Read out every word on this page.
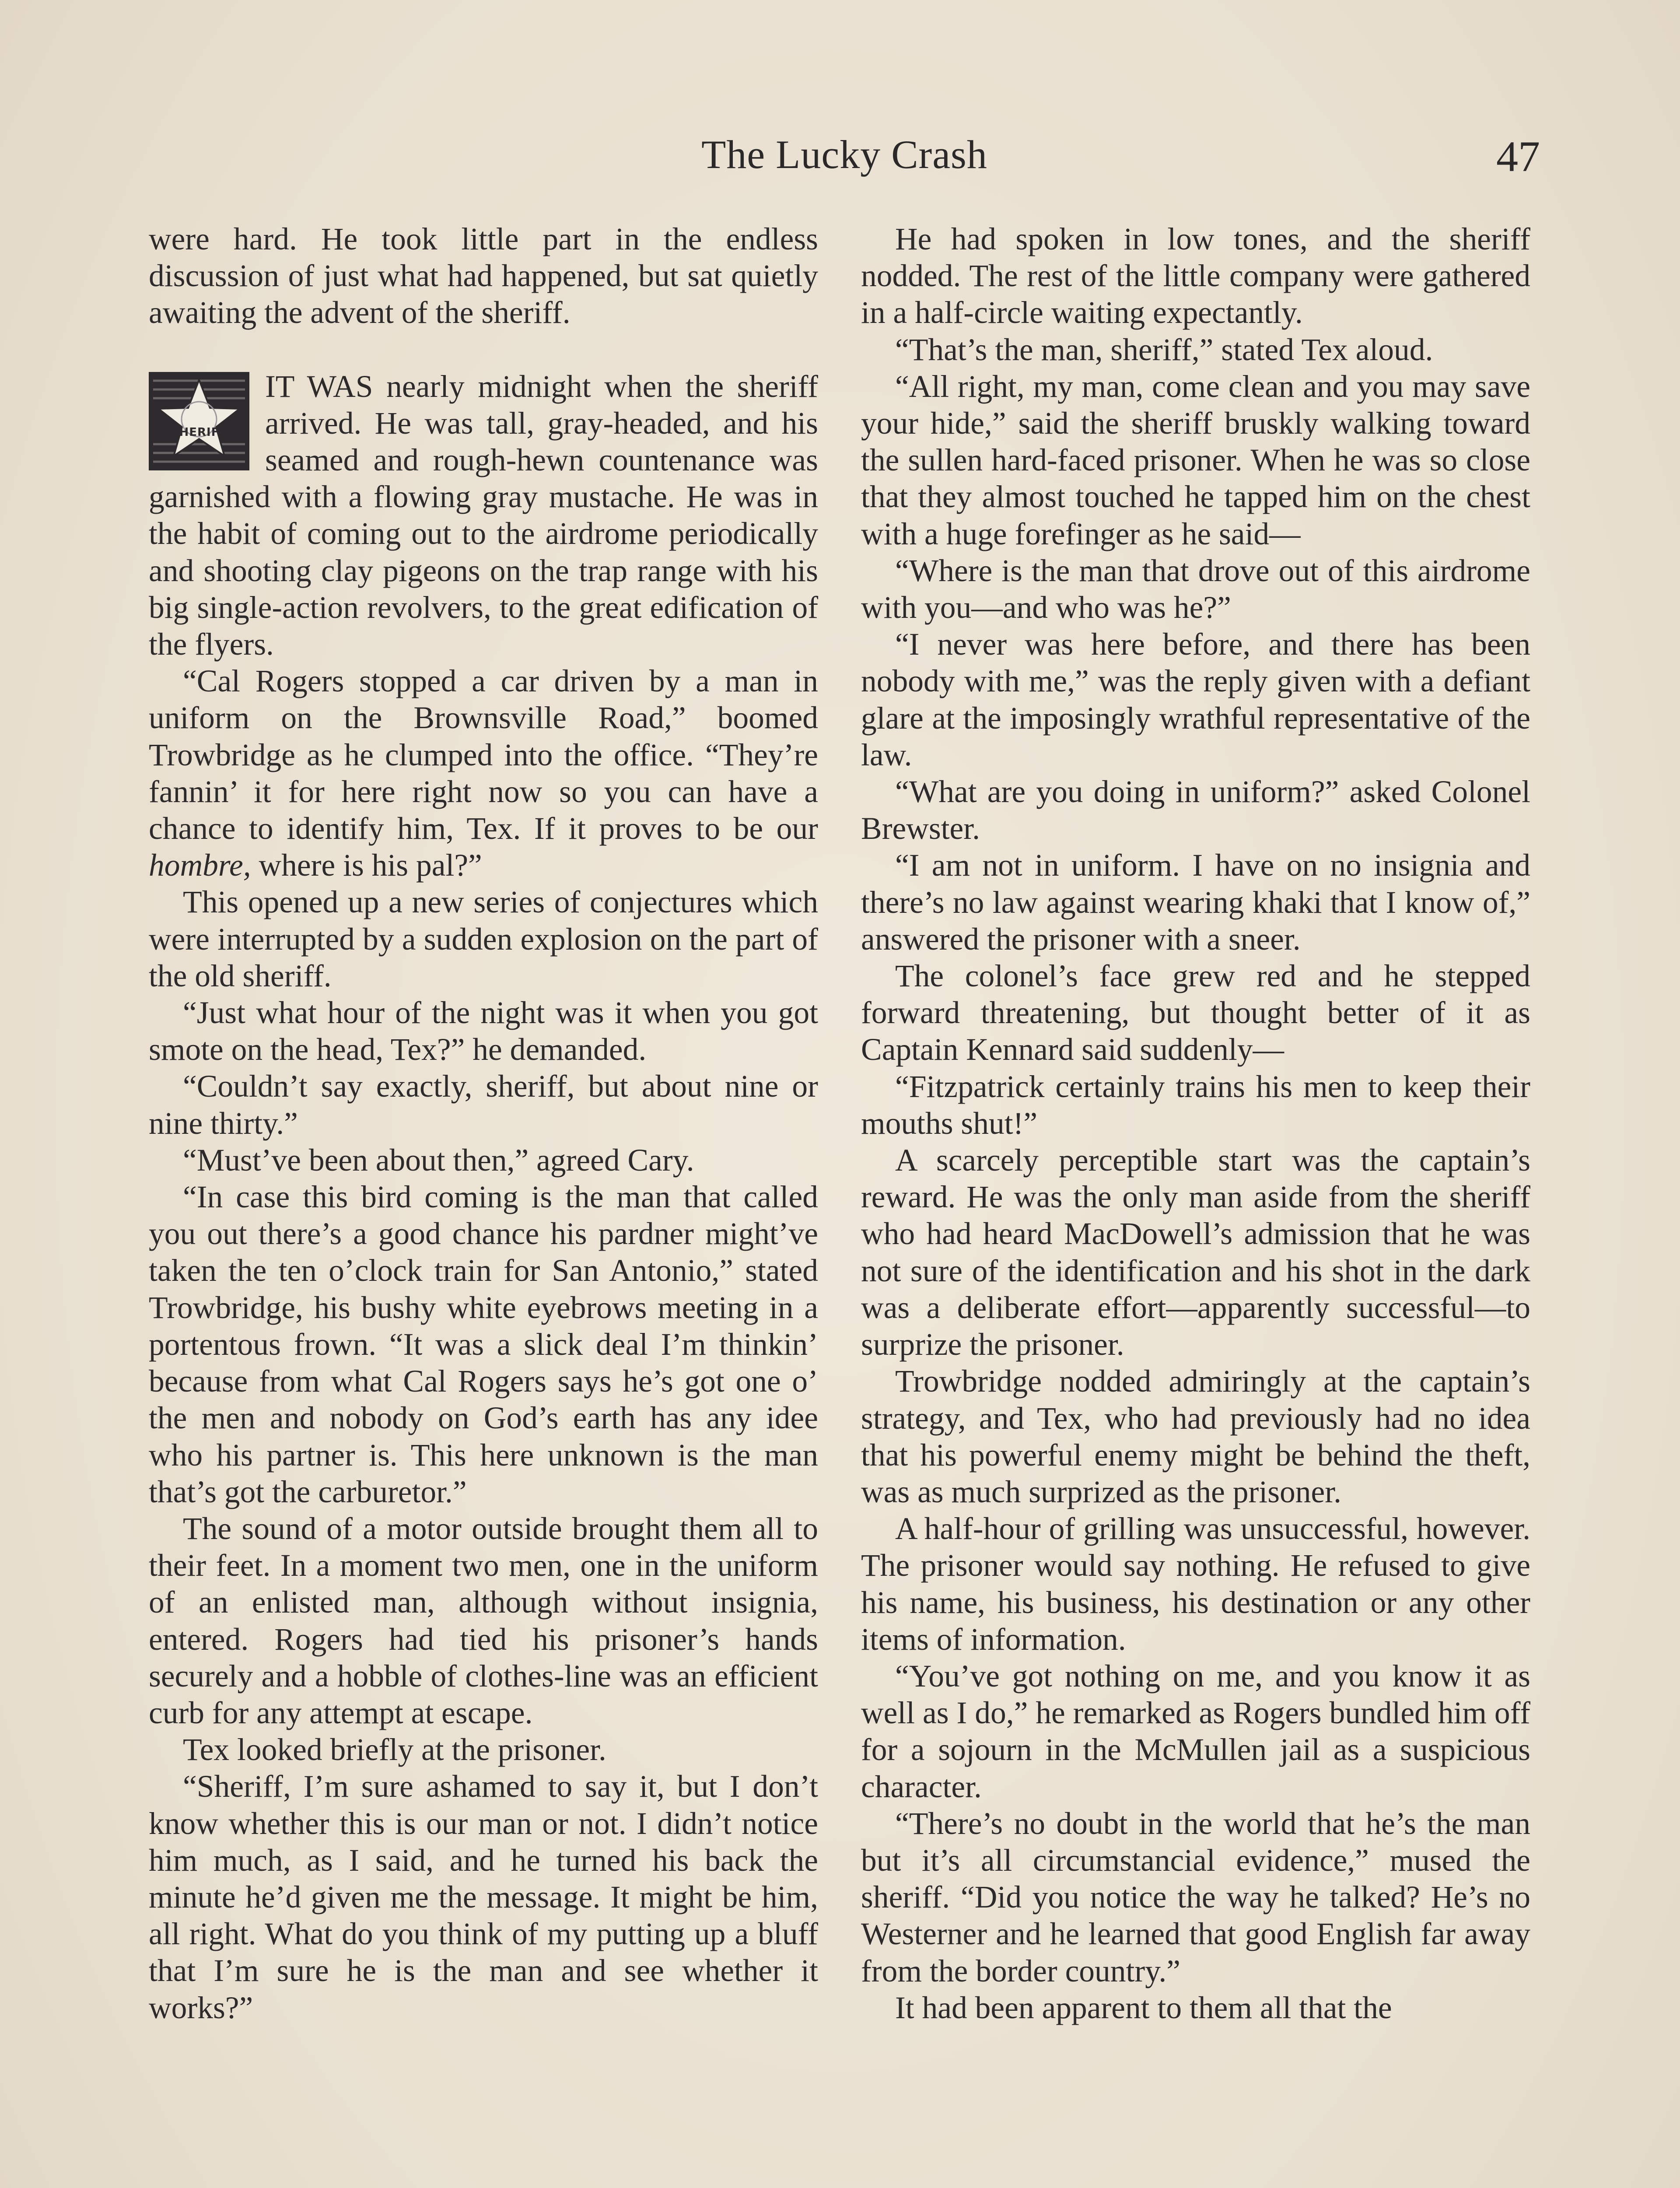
The Lucky Crash	47

were hard. He took little part in the endless discussion of just what had happened, but sat quietly awaiting the advent of the sheriff.

SHERIFF
IT WAS nearly midnight when the sheriff arrived. He was tall, gray-headed, and his seamed and rough-hewn countenance was garnished with a flowing gray mustache. He was in the habit of coming out to the airdrome periodically and shooting clay pigeons on the trap range with his big single-action revolvers, to the great edification of the flyers.

“Cal Rogers stopped a car driven by a man in uniform on the Brownsville Road,” boomed Trowbridge as he clumped into the office. “They’re fannin’ it for here right now so you can have a chance to identify him, Tex. If it proves to be our hombre, where is his pal?”

This opened up a new series of conjectures which were interrupted by a sudden explosion on the part of the old sheriff.

“Just what hour of the night was it when you got smote on the head, Tex?” he demanded.

“Couldn’t say exactly, sheriff, but about nine or nine thirty.”

“Must’ve been about then,” agreed Cary.

“In case this bird coming is the man that called you out there’s a good chance his pardner might’ve taken the ten o’clock train for San Antonio,” stated Trowbridge, his bushy white eyebrows meeting in a portentous frown. “It was a slick deal I’m thinkin’ because from what Cal Rogers says he’s got one o’ the men and nobody on God’s earth has any idee who his partner is. This here unknown is the man that’s got the carburetor.”

The sound of a motor outside brought them all to their feet. In a moment two men, one in the uniform of an enlisted man, although without insignia, entered. Rogers had tied his prisoner’s hands securely and a hobble of clothes-line was an efficient curb for any attempt at escape.

Tex looked briefly at the prisoner.

“Sheriff, I’m sure ashamed to say it, but I don’t know whether this is our man or not. I didn’t notice him much, as I said, and he turned his back the minute he’d given me the message. It might be him, all right. What do you think of my putting up a bluff that I’m sure he is the man and see whether it works?”

He had spoken in low tones, and the sheriff nodded. The rest of the little company were gathered in a half-circle waiting expectantly.

“That’s the man, sheriff,” stated Tex aloud.

“All right, my man, come clean and you may save your hide,” said the sheriff bruskly walking toward the sullen hard-faced prisoner. When he was so close that they almost touched he tapped him on the chest with a huge forefinger as he said—

“Where is the man that drove out of this airdrome with you—and who was he?”

“I never was here before, and there has been nobody with me,” was the reply given with a defiant glare at the imposingly wrathful representative of the law.

“What are you doing in uniform?” asked Colonel Brewster.

“I am not in uniform. I have on no insignia and there’s no law against wearing khaki that I know of,” answered the prisoner with a sneer.

The colonel’s face grew red and he stepped forward threatening, but thought better of it as Captain Kennard said suddenly—

“Fitzpatrick certainly trains his men to keep their mouths shut!”

A scarcely perceptible start was the captain’s reward. He was the only man aside from the sheriff who had heard MacDowell’s admission that he was not sure of the identification and his shot in the dark was a deliberate effort—apparently successful—to surprize the prisoner.

Trowbridge nodded admiringly at the captain’s strategy, and Tex, who had previously had no idea that his powerful enemy might be behind the theft, was as much surprized as the prisoner.

A half-hour of grilling was unsuccessful, however. The prisoner would say nothing. He refused to give his name, his business, his destination or any other items of information.

“You’ve got nothing on me, and you know it as well as I do,” he remarked as Rogers bundled him off for a sojourn in the McMullen jail as a suspicious character.

“There’s no doubt in the world that he’s the man but it’s all circumstancial evidence,” mused the sheriff. “Did you notice the way he talked? He’s no Westerner and he learned that good English far away from the border country.”

It had been apparent to them all that the
